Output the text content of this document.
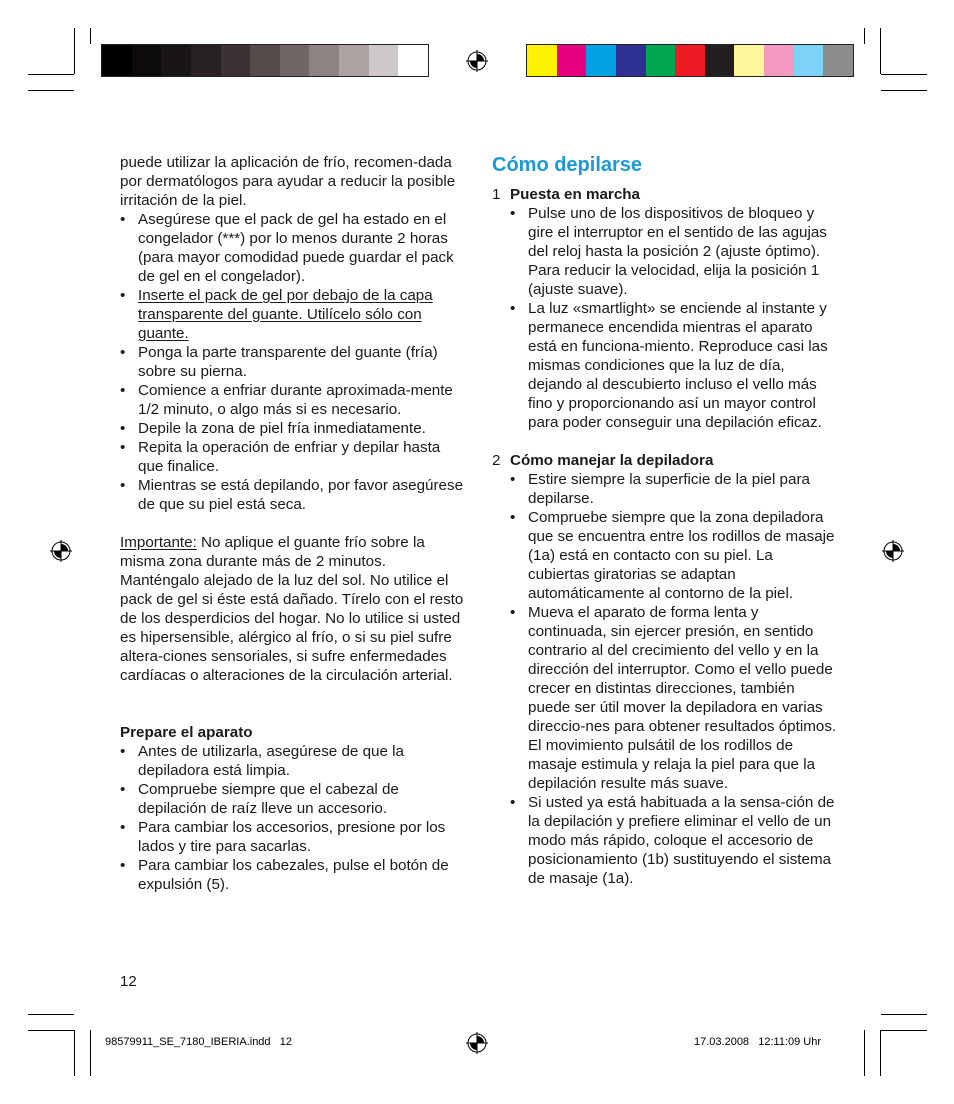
puede utilizar la aplicación de frío, recomen-dada por dermatólogos para ayudar a reducir la posible irritación de la piel.

• Asegúrese que el pack de gel ha estado en el congelador (***) por lo menos durante 2 horas (para mayor comodidad puede guardar el pack de gel en el congelador).
• Inserte el pack de gel por debajo de la capa transparente del guante. Utilícelo sólo con guante.
• Ponga la parte transparente del guante (fría) sobre su pierna.
• Comience a enfriar durante aproximada-mente 1/2 minuto, o algo más si es necesario.
• Depile la zona de piel fría inmediatamente.
• Repita la operación de enfriar y depilar hasta que finalice.
• Mientras se está depilando, por favor asegúrese de que su piel está seca.

Importante: No aplique el guante frío sobre la misma zona durante más de 2 minutos. Manténgalo alejado de la luz del sol. No utilice el pack de gel si éste está dañado. Tírelo con el resto de los desperdicios del hogar. No lo utilice si usted es hipersensible, alérgico al frío, o si su piel sufre altera-ciones sensoriales, si sufre enfermedades cardíacas o alteraciones de la circulación arterial.

Prepare el aparato

• Antes de utilizarla, asegúrese de que la depiladora está limpia.
• Compruebe siempre que el cabezal de depilación de raíz lleve un accesorio.
• Para cambiar los accesorios, presione por los lados y tire para sacarlas.
• Para cambiar los cabezales, pulse el botón de expulsión (5).
12
Cómo depilarse

1 Puesta en marcha

• Pulse uno de los dispositivos de bloqueo y gire el interruptor en el sentido de las agujas del reloj hasta la posición 2 (ajuste óptimo). Para reducir la velocidad, elija la posición 1 (ajuste suave).
• La luz «smartlight» se enciende al instante y permanece encendida mientras el aparato está en funciona-miento. Reproduce casi las mismas condiciones que la luz de día, dejando al descubierto incluso el vello más fino y proporcionando así un mayor control para poder conseguir una depilación eficaz.

2 Cómo manejar la depiladora

• Estire siempre la superficie de la piel para depilarse.
• Compruebe siempre que la zona depiladora que se encuentra entre los rodillos de masaje (1a) está en contacto con su piel. La cubiertas giratorias se adaptan automáticamente al contorno de la piel.
• Mueva el aparato de forma lenta y continuada, sin ejercer presión, en sentido contrario al del crecimiento del vello y en la dirección del interruptor. Como el vello puede crecer en distintas direcciones, también puede ser útil mover la depiladora en varias direccio-nes para obtener resultados óptimos. El movimiento pulsátil de los rodillos de masaje estimula y relaja la piel para que la depilación resulte más suave.
• Si usted ya está habituada a la sensa-ción de la depilación y prefiere eliminar el vello de un modo más rápido, coloque el accesorio de posicionamiento (1b) sustituyendo el sistema de masaje (1a).
98579911_SE_7180_IBERIA.indd   12	17.03.2008   12:11:09 Uhr
